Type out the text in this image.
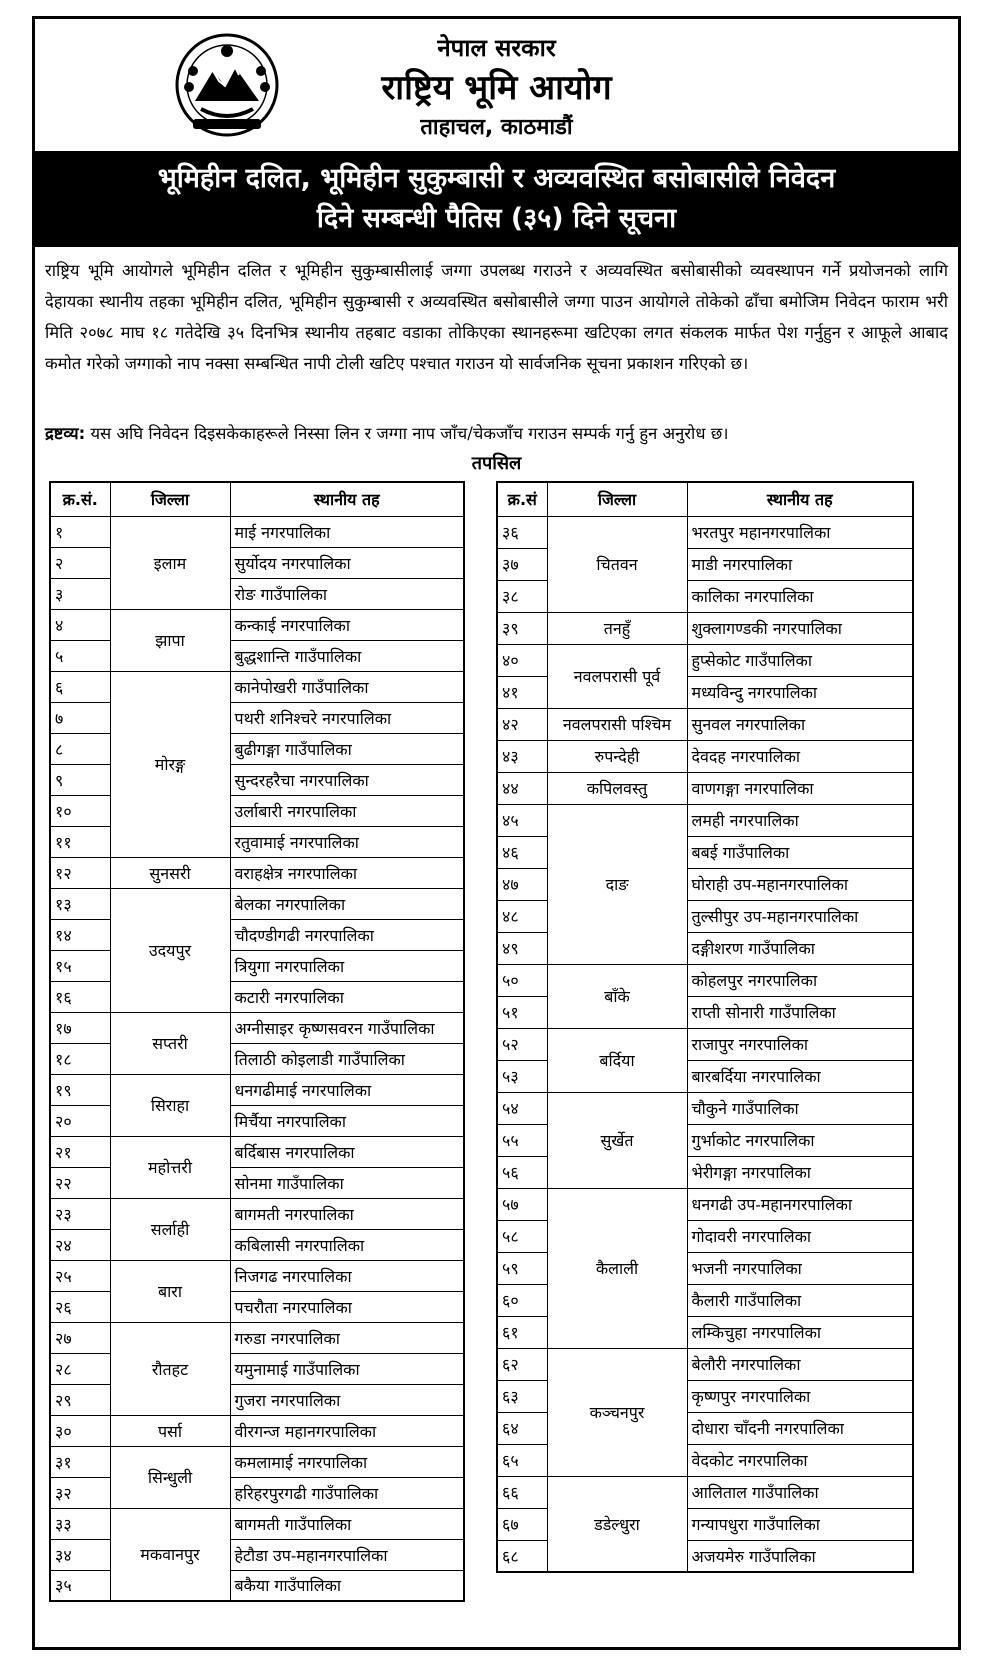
नेपाल सरकार
राष्ट्रिय भूमि आयोग
ताहाचल, काठमाडौं
भूमिहीन दलित, भूमिहीन सुकुम्बासी र अव्यवस्थित बसोबासीले निवेदन
दिने सम्बन्धी पैतिस (३५) दिने सूचना
राष्ट्रिय भूमि आयोगले भूमिहीन दलित र भूमिहीन सुकुम्बासीलाई जग्गा उपलब्ध गराउने र अव्यवस्थित बसोबासीको व्यवस्थापन गर्ने प्रयोजनको लागि देहायका स्थानीय तहका भूमिहीन दलित, भूमिहीन सुकुम्बासी र अव्यवस्थित बसोबासीले जग्गा पाउन आयोगले तोकेको ढाँचा बमोजिम निवेदन फाराम भरी मिति २०७८ माघ १८ गतेदेखि ३५ दिनभित्र स्थानीय तहबाट वडाका तोकिएका स्थानहरूमा खटिएका लगत संकलक मार्फत पेश गर्नुहुन र आफूले आबाद कमोत गरेको जग्गाको नाप नक्सा सम्बन्धित नापी टोली खटिए पश्चात गराउन यो सार्वजनिक सूचना प्रकाशन गरिएको छ।
द्रष्टव्य: यस अघि निवेदन दिइसकेकाहरूले निस्सा लिन र जग्गा नाप जाँच/चेकजाँच गराउन सम्पर्क गर्नु हुन अनुरोध छ।
तपसिल
क्र.सं.	जिल्ला	स्थानीय तह
१	इलाम	माई नगरपालिका
२		सुर्योदय नगरपालिका
३		रोङ गाउँपालिका
४	झापा	कन्काई नगरपालिका
५		बुद्धशान्ति गाउँपालिका
६	मोरङ्ग	कानेपोखरी गाउँपालिका
७		पथरी शनिश्चरे नगरपालिका
८		बुढीगङ्गा गाउँपालिका
९		सुन्दरहरैचा नगरपालिका
१०		उर्लाबारी नगरपालिका
११		रतुवामाई नगरपालिका
१२	सुनसरी	वराहक्षेत्र नगरपालिका
१३	उदयपुर	बेलका नगरपालिका
१४		चौदण्डीगढी नगरपालिका
१५		त्रियुगा नगरपालिका
१६		कटारी नगरपालिका
१७	सप्तरी	अग्नीसाइर कृष्णसवरन गाउँपालिका
१८		तिलाठी कोइलाडी गाउँपालिका
१९	सिराहा	धनगढीमाई नगरपालिका
२०		मिर्चैया नगरपालिका
२१	महोत्तरी	बर्दिबास नगरपालिका
२२		सोनमा गाउँपालिका
२३	सर्लाही	बागमती नगरपालिका
२४		कबिलासी नगरपालिका
२५	बारा	निजगढ नगरपालिका
२६		पचरौता नगरपालिका
२७	रौतहट	गरुडा नगरपालिका
२८		यमुनामाई गाउँपालिका
२९		गुजरा नगरपालिका
३०	पर्सा	वीरगन्ज महानगरपालिका
३१	सिन्धुली	कमलामाई नगरपालिका
३२		हरिहरपुरगढी गाउँपालिका
३३	मकवानपुर	बागमती गाउँपालिका
३४		हेटौडा उप-महानगरपालिका
३५		बकैया गाउँपालिका
क्र.सं	जिल्ला	स्थानीय तह
३६	चितवन	भरतपुर महानगरपालिका
३७		माडी नगरपालिका
३८		कालिका नगरपालिका
३९	तनहुँ	शुक्लागण्डकी नगरपालिका
४०	नवलपरासी पूर्व	हुप्सेकोट गाउँपालिका
४१		मध्यविन्दु नगरपालिका
४२	नवलपरासी पश्चिम	सुनवल नगरपालिका
४३	रुपन्देही	देवदह नगरपालिका
४४	कपिलवस्तु	वाणगङ्गा नगरपालिका
४५	दाङ	लमही नगरपालिका
४६		बबई गाउँपालिका
४७		घोराही उप-महानगरपालिका
४८		तुल्सीपुर उप-महानगरपालिका
४९		दङ्गीशरण गाउँपालिका
५०	बाँके	कोहलपुर नगरपालिका
५१		राप्ती सोनारी गाउँपालिका
५२	बर्दिया	राजापुर नगरपालिका
५३		बारबर्दिया नगरपालिका
५४	सुर्खेत	चौकुने गाउँपालिका
५५		गुर्भाकोट नगरपालिका
५६		भेरीगङ्गा नगरपालिका
५७	कैलाली	धनगढी उप-महानगरपालिका
५८		गोदावरी नगरपालिका
५९		भजनी नगरपालिका
६०		कैलारी गाउँपालिका
६१		लम्किचुहा नगरपालिका
६२	कञ्चनपुर	बेलौरी नगरपालिका
६३		कृष्णपुर नगरपालिका
६४		दोधारा चाँदनी नगरपालिका
६५		वेदकोट नगरपालिका
६६	डडेल्धुरा	आलिताल गाउँपालिका
६७		गन्यापधुरा गाउँपालिका
६८		अजयमेरु गाउँपालिका
